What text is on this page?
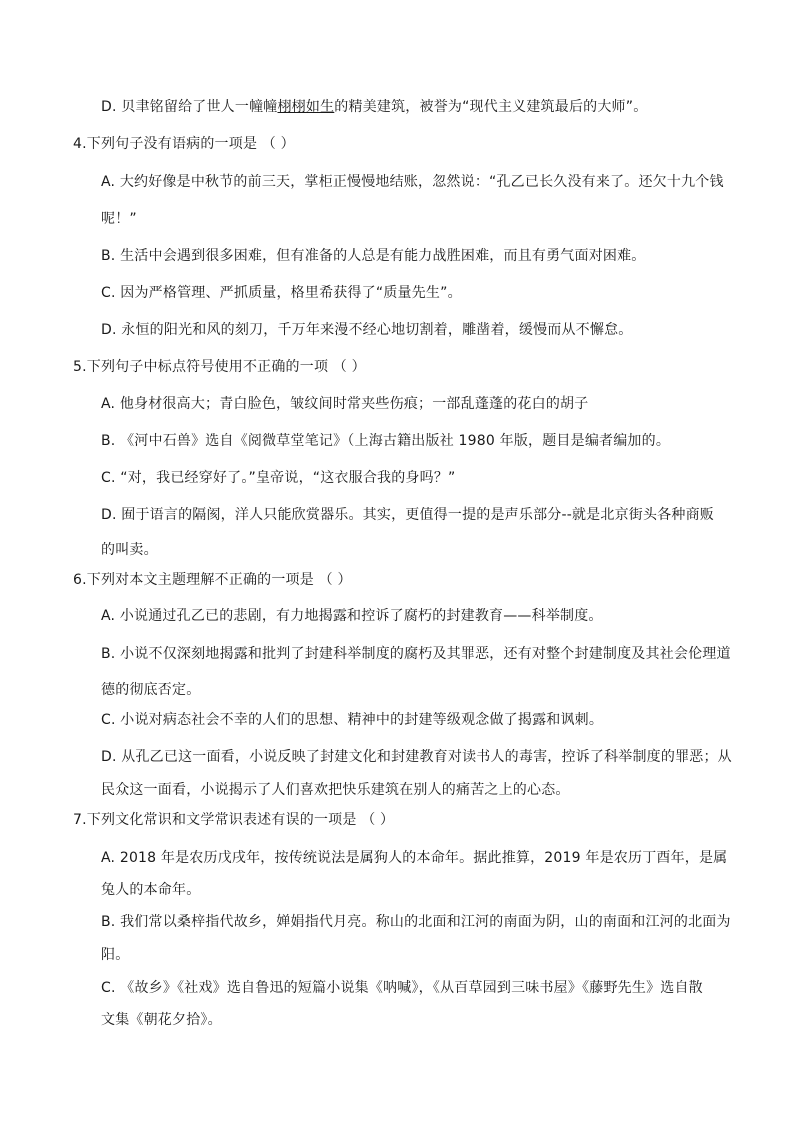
D. 贝聿铭留给了世人一幢幢栩栩如生的精美建筑，被誉为“现代主义建筑最后的大师”。
4.下列句子没有语病的一项是 （ ）
A. 大约好像是中秋节的前三天，掌柜正慢慢地结账，忽然说：“孔乙已长久没有来了。还欠十九个钱
呢！”
B. 生活中会遇到很多困难，但有准备的人总是有能力战胜困难，而且有勇气面对困难。
C. 因为严格管理、严抓质量，格里希获得了“质量先生”。
D. 永恒的阳光和风的刻刀，千万年来漫不经心地切割着，雕凿着，缓慢而从不懈怠。
5.下列句子中标点符号使用不正确的一项 （ ）
A. 他身材很高大；青白脸色，皱纹间时常夹些伤痕；一部乱蓬蓬的花白的胡子
B. 《河中石兽》选自《阅微草堂笔记》（上海古籍出版社 1980 年版，题目是编者编加的。
C. “对，我已经穿好了。”皇帝说，“这衣服合我的身吗？”
D. 囿于语言的隔阂，洋人只能欣赏器乐。其实，更值得一提的是声乐部分--就是北京街头各种商贩
的叫卖。
6.下列对本文主题理解不正确的一项是 （ ）
A. 小说通过孔乙已的悲剧，有力地揭露和控诉了腐朽的封建教育——科举制度。
B. 小说不仅深刻地揭露和批判了封建科举制度的腐朽及其罪恶，还有对整个封建制度及其社会伦理道
德的彻底否定。
C. 小说对病态社会不幸的人们的思想、精神中的封建等级观念做了揭露和讽刺。
D. 从孔乙已这一面看，小说反映了封建文化和封建教育对读书人的毒害，控诉了科举制度的罪恶；从
民众这一面看，小说揭示了人们喜欢把快乐建筑在别人的痛苦之上的心态。
7.下列文化常识和文学常识表述有误的一项是 （ ）
A. 2018 年是农历戊戌年，按传统说法是属狗人的本命年。据此推算，2019 年是农历丁酉年，是属
兔人的本命年。
B. 我们常以桑梓指代故乡，婵娟指代月亮。称山的北面和江河的南面为阴，山的南面和江河的北面为
阳。
C. 《故乡》《社戏》选自鲁迅的短篇小说集《呐喊》，《从百草园到三味书屋》《藤野先生》选自散
文集《朝花夕拾》。
